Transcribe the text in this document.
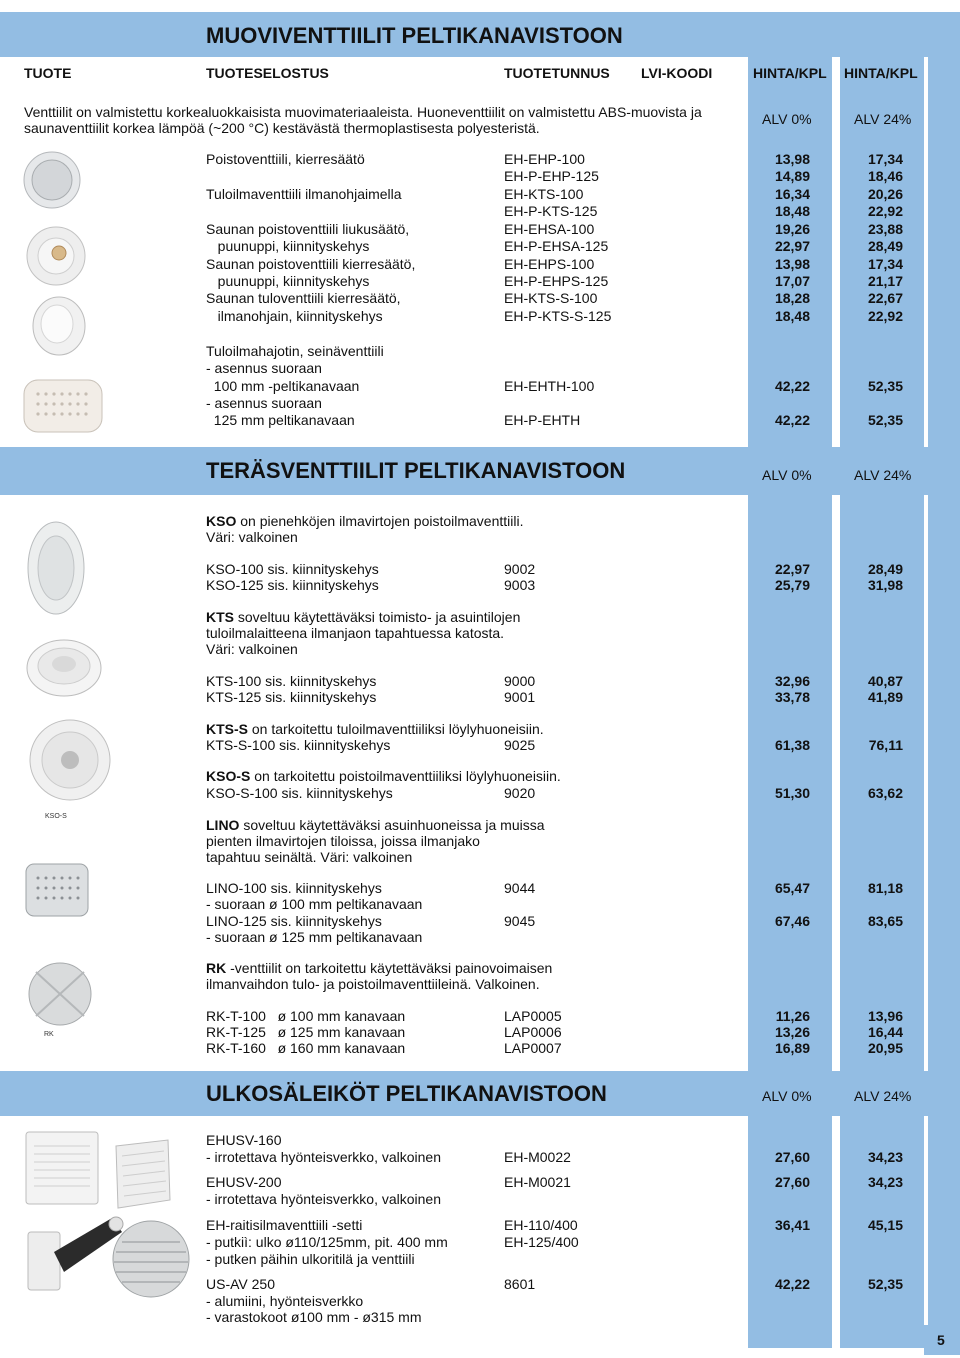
5
MUOVIVENTTIILIT PELTIKANAVISTOON
TUOTE	TUOTESELOSTUS	TUOTETUNNUS LVI-KOODI	HINTA/KPL HINTA/KPL
Venttiilit on valmistettu korkealuokkaisista muovimateriaaleista. Huoneventtiilit on valmistettu ABS-muovista ja
saunaventtiilit korkea lämpöä (~200 °C) kestävästä thermoplastisesta polyesteristä.
ALV 0%	ALV 24%
Poistoventtiili, kierresäätö	EH-EHP-100	13,98	17,34
EH-P-EHP-125	14,89	18,46
Tuloilmaventtiili ilmanohjaimella	EH-KTS-100	16,34	20,26
EH-P-KTS-125	18,48	22,92
Saunan poistoventtiili liukusäätö,	EH-EHSA-100	19,26	23,88
puunuppi, kiinnityskehys	EH-P-EHSA-125	22,97	28,49
Saunan poistoventtiili kierresäätö,	EH-EHPS-100	13,98	17,34
puunuppi, kiinnityskehys	EH-P-EHPS-125	17,07	21,17
Saunan tuloventtiili kierresäätö,	EH-KTS-S-100	18,28	22,67
ilmanohjain, kiinnityskehys	EH-P-KTS-S-125	18,48	22,92
Tuloilmahajotin, seinäventtiili
- asennus suoraan
100 mm -peltikanavaan	EH-EHTH-100	42,22	52,35
- asennus suoraan
125 mm peltikanavaan	EH-P-EHTH	42,22	52,35
TERÄSVENTTIILIT PELTIKANAVISTOON	ALV 0%	ALV 24%
KSO on pienehköjen ilmavirtojen poistoilmaventtiili.
Väri: valkoinen
KSO-100 sis. kiinnityskehys	9002	22,97	28,49
KSO-125 sis. kiinnityskehys	9003	25,79	31,98
KTS soveltuu käytettäväksi toimisto- ja asuintilojen
tuloilmalaitteena ilmanjaon tapahtuessa katosta.
Väri: valkoinen
KTS-100 sis. kiinnityskehys	9000	32,96	40,87
KTS-125 sis. kiinnityskehys	9001	33,78	41,89
KTS-S on tarkoitettu tuloilmaventtiiliksi löylyhuoneisiin.
KTS-S-100 sis. kiinnityskehys	9025	61,38	76,11
KSO-S on tarkoitettu poistoilmaventtiiliksi löylyhuoneisiin.
KSO-S-100 sis. kiinnityskehys	9020	51,30	63,62
LINO soveltuu käytettäväksi asuinhuoneissa ja muissa
pienten ilmavirtojen tiloissa, joissa ilmanjako
tapahtuu seinältä. Väri: valkoinen
LINO-100 sis. kiinnityskehys	9044	65,47	81,18
- suoraan ø 100 mm peltikanavaan
LINO-125 sis. kiinnityskehys	9045	67,46	83,65
- suoraan ø 125 mm peltikanavaan
RK -venttiilit on tarkoitettu käytettäväksi painovoimaisen
ilmanvaihdon tulo- ja poistoilmaventtiileinä. Valkoinen.
RK-T-100   ø 100 mm kanavaan	LAP0005	11,26	13,96
RK-T-125   ø 125 mm kanavaan	LAP0006	13,26	16,44
RK-T-160   ø 160 mm kanavaan	LAP0007	16,89	20,95
ULKOSÄLEIKÖT PELTIKANAVISTOON	ALV 0%	ALV 24%
EHUSV-160
- irrotettava hyönteisverkko, valkoinen	EH-M0022	27,60	34,23
EHUSV-200	EH-M0021	27,60	34,23
- irrotettava hyönteisverkko, valkoinen
EH-raitisilmaventtiili -setti	EH-110/400	36,41	45,15
- putkiì: ulko ø110/125mm, pit. 400 mm	EH-125/400
- putken päihin ulkoritilä ja venttiili
US-AV 250	8601	42,22	52,35
- alumiini, hyönteisverkko
- varastokoot ø100 mm - ø315 mm
KSO-S
RK
